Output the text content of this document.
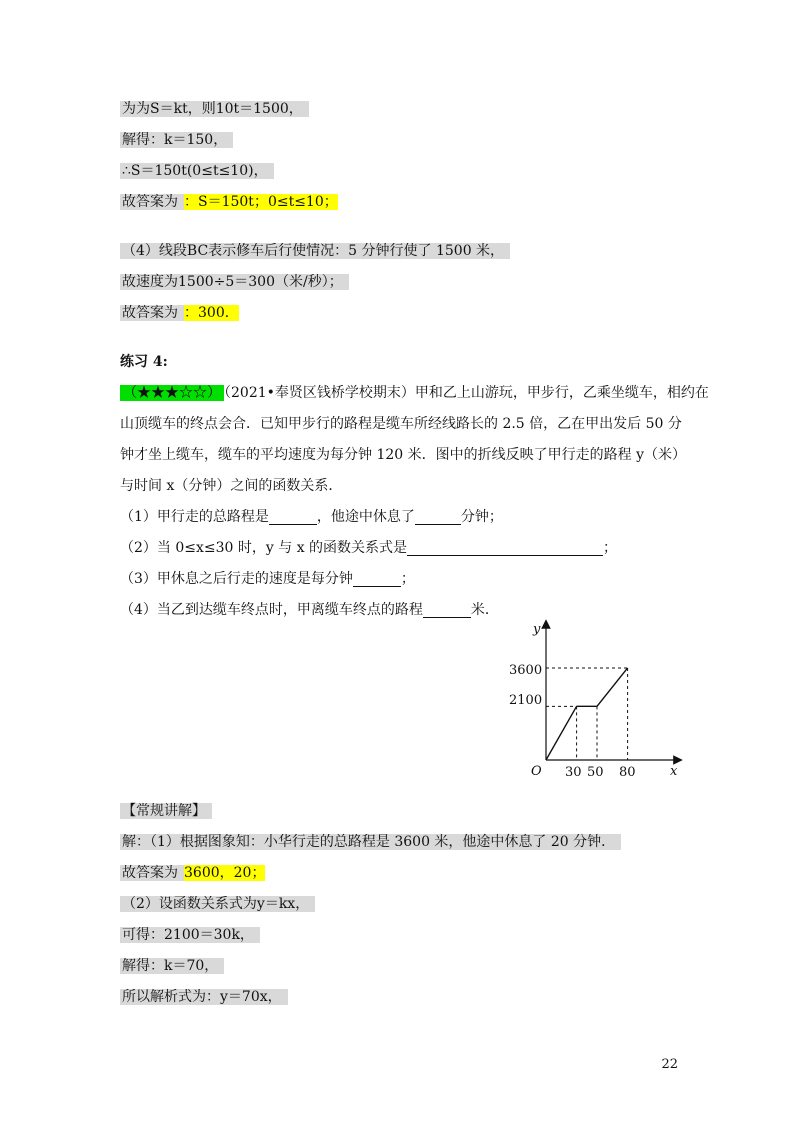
为为S＝kt，则10t＝1500，
解得：k＝150，
∴S＝150t(0≤t≤10)，
故答案为 ：S＝150t；0≤t≤10；
（4）线段BC表示修车后行使情况：5 分钟行使了 1500 米，
故速度为1500÷5＝300（米/秒）；
故答案为 ：300．
练习 4:
（★★★☆☆） （2021•奉贤区钱桥学校期末）甲和乙上山游玩，甲步行，乙乘坐缆车，相约在
山顶缆车的终点会合．已知甲步行的路程是缆车所经线路长的 2.5 倍，乙在甲出发后 50 分
钟才坐上缆车，缆车的平均速度为每分钟 120 米．图中的折线反映了甲行走的路程 y（米）
与时间 x（分钟）之间的函数关系．
（1）甲行走的总路程是	，他途中休息了	分钟；
（2）当 0≤x≤30 时，y 与 x 的函数关系式是	；
（3）甲休息之后行走的速度是每分钟	；
（4）当乙到达缆车终点时，甲离缆车终点的路程	米．
y
x
O
3600
2100
30 50 80
【常规讲解】
解：（1）根据图象知：小华行走的总路程是 3600 米，他途中休息了 20 分钟．
故答案为 3600，20；
（2）设函数关系式为y＝kx，
可得：2100＝30k，
解得：k＝70，
所以解析式为：y＝70x，
22
